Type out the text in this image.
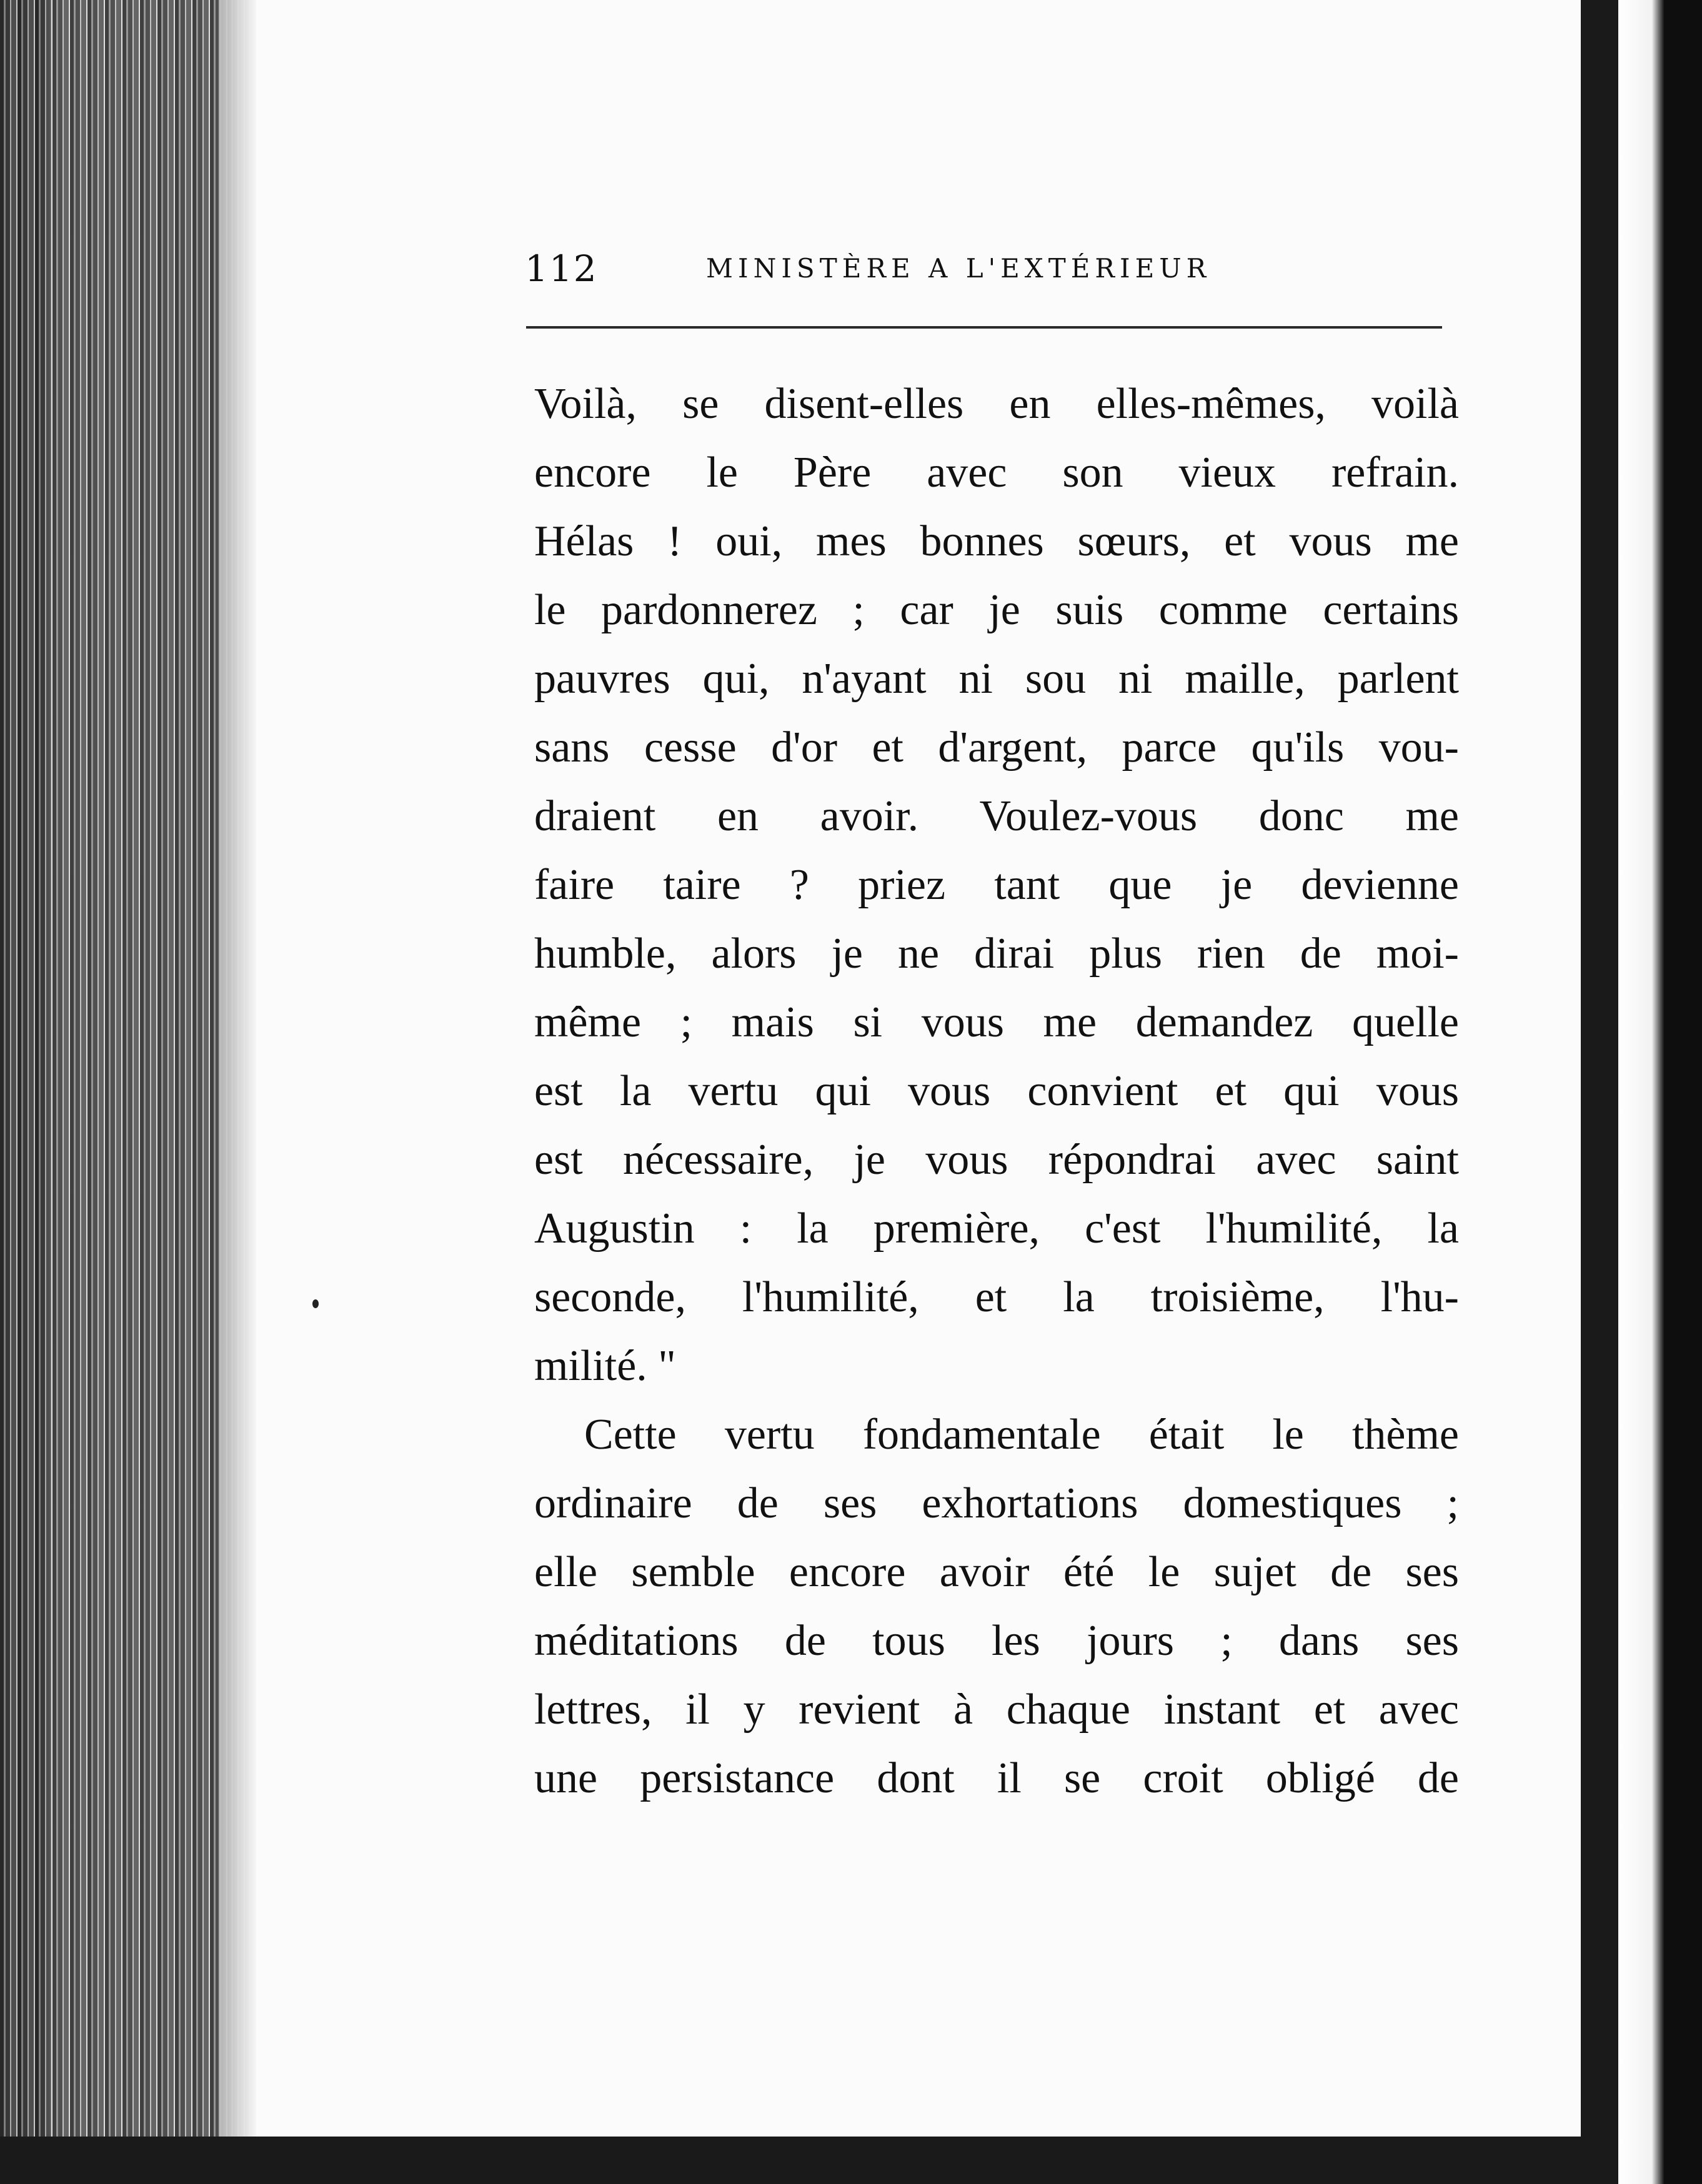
112	MINISTÈRE A L'EXTÉRIEUR
Voilà, se disent-elles en elles-mêmes, voilà
encore le Père avec son vieux refrain.
Hélas ! oui, mes bonnes sœurs, et vous me
le pardonnerez ; car je suis comme certains
pauvres qui, n'ayant ni sou ni maille, parlent
sans cesse d'or et d'argent, parce qu'ils vou-
draient en avoir. Voulez-vous donc me
faire taire ? priez tant que je devienne
humble, alors je ne dirai plus rien de moi-
même ; mais si vous me demandez quelle
est la vertu qui vous convient et qui vous
est nécessaire, je vous répondrai avec saint
Augustin : la première, c'est l'humilité, la
seconde, l'humilité, et la troisième, l'hu-
milité. "
Cette vertu fondamentale était le thème
ordinaire de ses exhortations domestiques ;
elle semble encore avoir été le sujet de ses
méditations de tous les jours ; dans ses
lettres, il y revient à chaque instant et avec
une persistance dont il se croit obligé de
